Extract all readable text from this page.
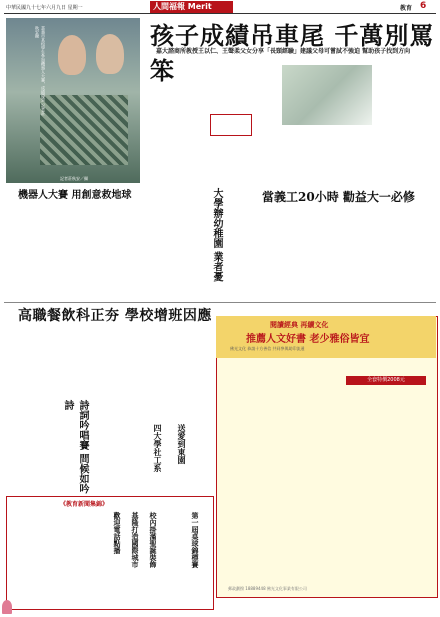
中華民國九十七年六月九日 星期一	人間福報 Merit Times
教育 6
嘉義市某校學生參加機器人大賽，成績優異 記者莊秋安攝
記者莊秋安／攝
孩子成績吊車尾 千萬別罵笨
嘉大諮商所教授王以仁、王聲柔父女分享「長頸經驗」建議父母可嘗試不強迫 幫助孩子找到方向
機器人大賽 用創意救地球	大學辦幼稚園 業者憂	當義工20小時 勸益大一必修
高職餐飲科正夯 學校增班因應
詩詞吟唱賽 問候如吟詩
四大學社工系	送愛到東園
閱讀經典 再續文化
推薦人文好書 老少雅俗皆宜
佛光文化 恭請十方善信 共同參與助印流通
全套特價2008元
《教育新聞集錦》
歡迎電話點播	基隆打造國際城市	校內掛滿聖誕裝飾	第一屆桌球錦標賽
郵政劃撥 18889448 佛光文化事業有限公司
